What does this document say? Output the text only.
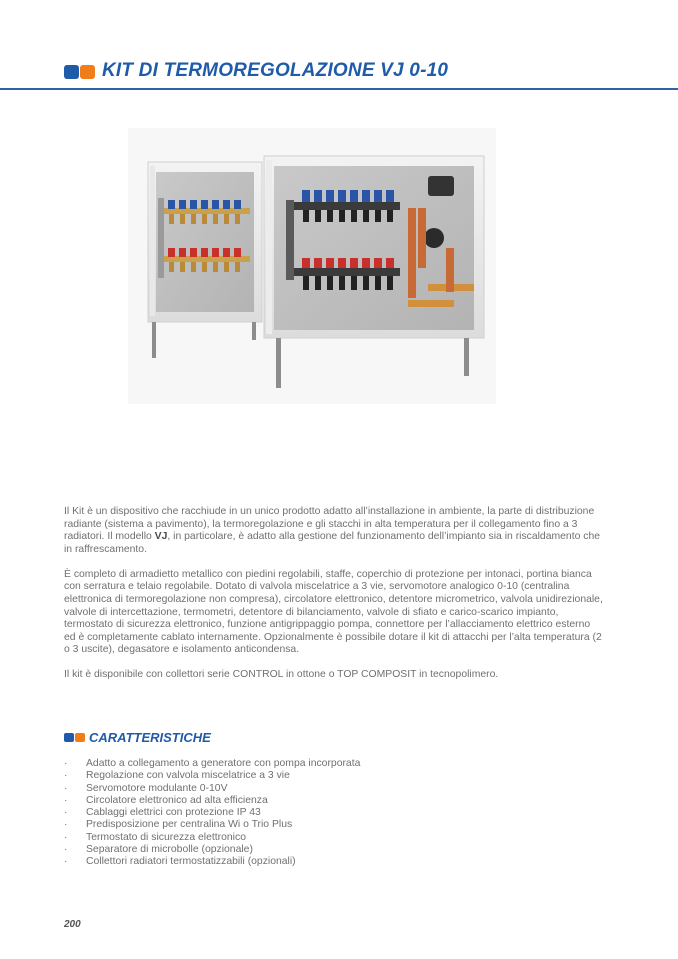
KIT DI TERMOREGOLAZIONE VJ 0-10

Il Kit è un dispositivo che racchiude in un unico prodotto adatto all’installazione in ambiente, la parte di distribuzione radiante (sistema a pavimento), la termoregolazione e gli stacchi in alta temperatura per il collegamento fino a 3 radiatori. Il modello VJ, in particolare, è adatto alla gestione del funzionamento dell’impianto sia in riscaldamento che in raffrescamento.

È completo di armadietto metallico con piedini regolabili, staffe, coperchio di protezione per intonaci, portina bianca con serratura e telaio regolabile. Dotato di valvola miscelatrice a 3 vie, servomotore analogico 0-10 (centralina elettronica di termoregolazione non compresa), circolatore elettronico, detentore micrometrico, valvola unidirezionale, valvole di intercettazione, termometri, detentore di bilanciamento, valvole di sfiato e carico-scarico impianto, termostato di sicurezza elettronico, funzione antigrippaggio pompa, connettore per l’allacciamento elettrico esterno ed è completamente cablato internamente. Opzionalmente è possibile dotare il kit di attacchi per l’alta temperatura (2 o 3 uscite), degasatore e isolamento anticondensa.

Il kit è disponibile con collettori serie CONTROL in ottone o TOP COMPOSIT in tecnopolimero.

CARATTERISTICHE
· Adatto a collegamento a generatore con pompa incorporata
· Regolazione con valvola miscelatrice a 3 vie
· Servomotore modulante 0-10V
· Circolatore elettronico ad alta efficienza
· Cablaggi elettrici con protezione IP 43
· Predisposizione per centralina Wi o Trio Plus
· Termostato di sicurezza elettronico
· Separatore di microbolle (opzionale)
· Collettori radiatori termostatizzabili (opzionali)
200
